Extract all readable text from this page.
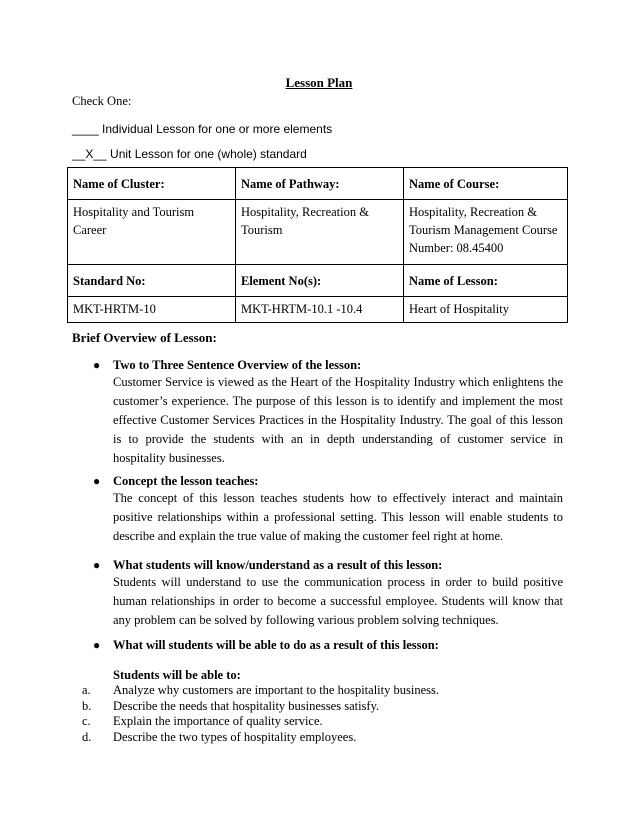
Lesson Plan
Check One:
____ Individual Lesson for one or more elements
__X__ Unit Lesson for one (whole) standard
Name of Cluster:	Name of Pathway:	Name of Course:
Hospitality and Tourism Career	Hospitality, Recreation & Tourism	Hospitality, Recreation & Tourism Management Course Number: 08.45400
Standard No:	Element No(s):	Name of Lesson:
MKT-HRTM-10	MKT-HRTM-10.1 -10.4	Heart of Hospitality
Brief Overview of Lesson:
● Two to Three Sentence Overview of the lesson:
Customer Service is viewed as the Heart of the Hospitality Industry which enlightens the customer’s experience. The purpose of this lesson is to identify and implement the most effective Customer Services Practices in the Hospitality Industry. The goal of this lesson is to provide the students with an in depth understanding of customer service in hospitality businesses.
● Concept the lesson teaches:
The concept of this lesson teaches students how to effectively interact and maintain positive relationships within a professional setting. This lesson will enable students to describe and explain the true value of making the customer feel right at home.
● What students will know/understand as a result of this lesson:
Students will understand to use the communication process in order to build positive human relationships in order to become a successful employee. Students will know that any problem can be solved by following various problem solving techniques.
● What will students will be able to do as a result of this lesson:
Students will be able to:
a. Analyze why customers are important to the hospitality business.
b. Describe the needs that hospitality businesses satisfy.
c. Explain the importance of quality service.
d. Describe the two types of hospitality employees.
